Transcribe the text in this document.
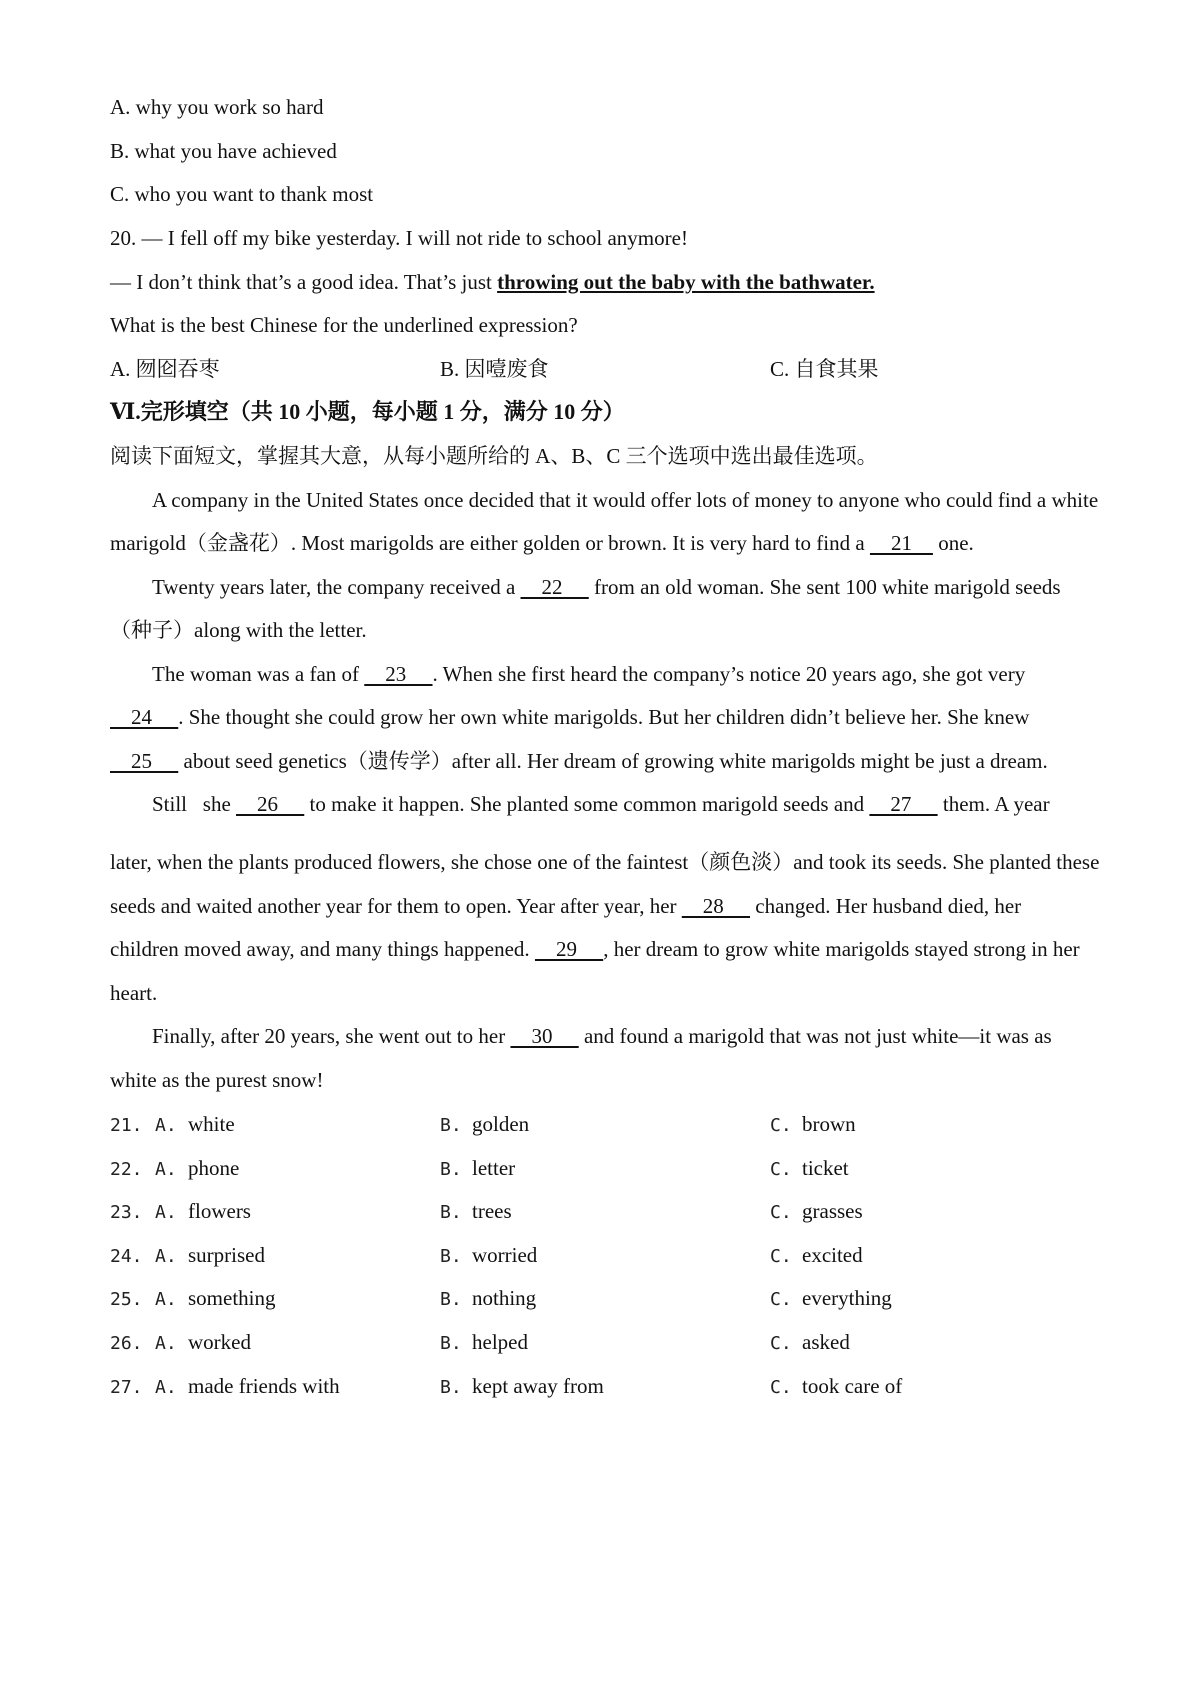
A. why you work so hard
B. what you have achieved
C. who you want to thank most
20. — I fell off my bike yesterday. I will not ride to school anymore!
— I don’t think that’s a good idea. That’s just throwing out the baby with the bathwater.
What is the best Chinese for the underlined expression?
A. 囫囵吞枣	B. 因噎废食	C. 自食其果
Ⅵ.完形填空（共 10 小题，每小题 1 分，满分 10 分）
阅读下面短文，掌握其大意，从每小题所给的 A、B、C 三个选项中选出最佳选项。
A company in the United States once decided that it would offer lots of money to anyone who could find a white
marigold（金盏花）. Most marigolds are either golden or brown. It is very hard to find a     21     one.
Twenty years later, the company received a     22      from an old woman. She sent 100 white marigold seeds
（种子）along with the letter.
The woman was a fan of     23     . When she first heard the company’s notice 20 years ago, she got very
24     . She thought she could grow her own white marigolds. But her children didn’t believe her. She knew
25      about seed genetics（遗传学）after all. Her dream of growing white marigolds might be just a dream.
Still   she     26      to make it happen. She planted some common marigold seeds and     27      them. A year
later, when the plants produced flowers, she chose one of the faintest（颜色淡）and took its seeds. She planted these
seeds and waited another year for them to open. Year after year, her     28      changed. Her husband died, her
children moved away, and many things happened.     29     , her dream to grow white marigolds stayed strong in her
heart.
Finally, after 20 years, she went out to her     30      and found a marigold that was not just white—it was as
white as the purest snow!
21. A. white	B. golden	C. brown
22. A. phone	B. letter	C. ticket
23. A. flowers	B. trees	C. grasses
24. A. surprised	B. worried	C. excited
25. A. something	B. nothing	C. everything
26. A. worked	B. helped	C. asked
27. A. made friends with	B. kept away from	C. took care of
